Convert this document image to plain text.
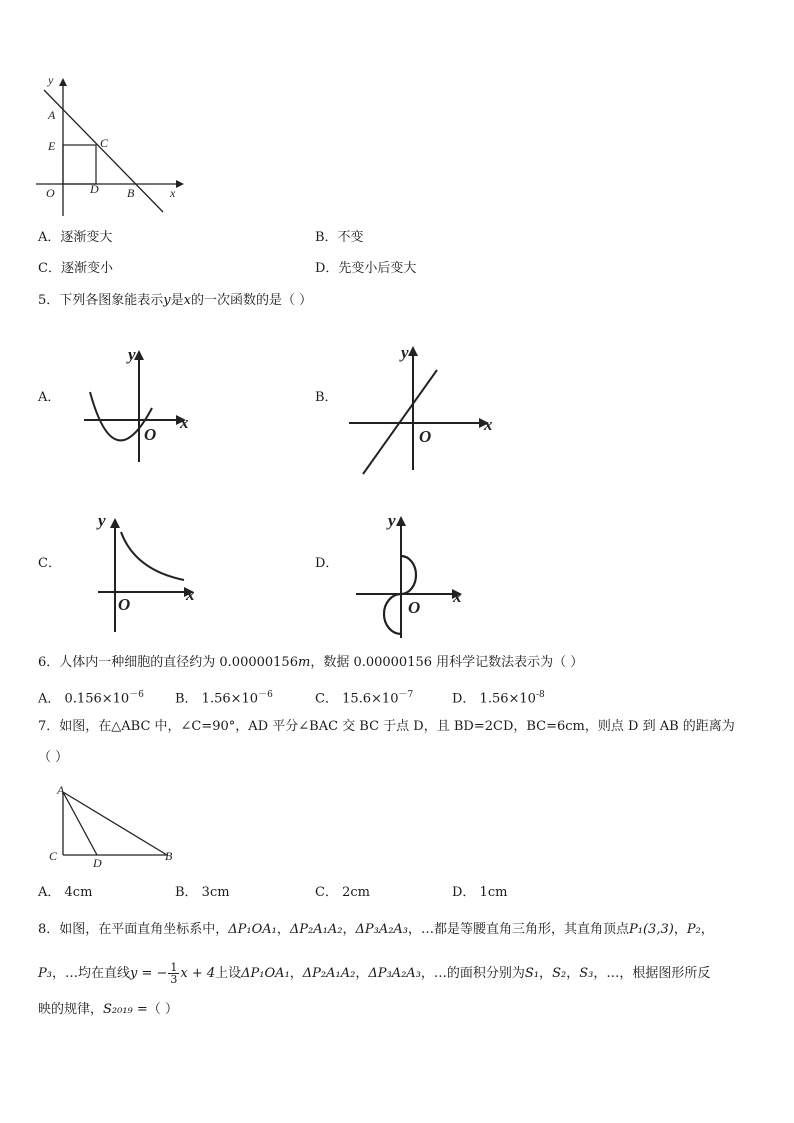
y
A
E	C
O	D B	x
A．逐渐变大	B．不变
C．逐渐变小	D．先变小后变大
5．下列各图象能表示y是x的一次函数的是（ ）
A．
y
x
O
B．
y
x
O
C．
y
x
O
D．
y
x
O
6．人体内一种细胞的直径约为 0.00000156m，数据 0.00000156 用科学记数法表示为（ ）
A． $0.156\times 10^{-6}$ B． $1.56\times 10^{-6}$	C． $15.6\times 10^{-7}$	D． $1.56\times 10^{-8}$
7．如图，在△ABC 中，∠C=90°，AD 平分∠BAC 交 BC 于点 D，且 BD=2CD，BC=6cm，则点 D 到 AB 的距离为
（ ）
A
C	D	B
A． 4cm	B． 3cm	C． 2cm	D． 1cm
8．如图，在平面直角坐标系中，ΔP₁OA₁，ΔP₂A₁A₂，ΔP₃A₂A₃，…都是等腰直角三角形，其直角顶点P₁(3,3)，P₂，
P₃ ，…均在直线 y = − $\frac{1}{3}$ x + 4 上设 ΔP₁OA₁ ， ΔP₂A₁A₂ ， ΔP₃A₂A₃ ，…的面积分别为 S₁ ， S₂ ， S₃ ，…，根据图形所反
映的规律，S₂₀₁₉ =（ ）
